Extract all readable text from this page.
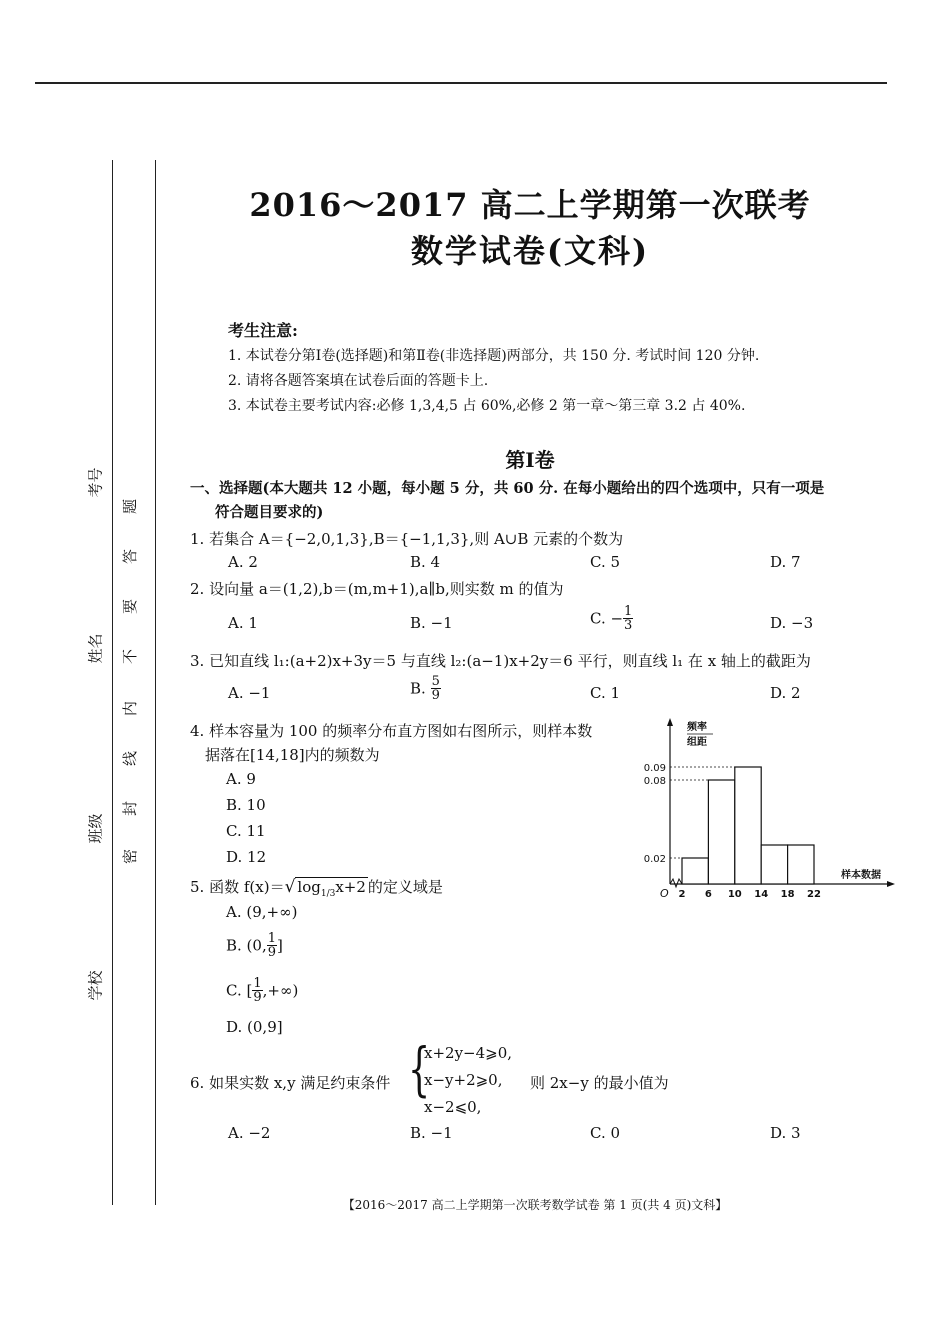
考号
姓名
班级
学校
题
答
要
不
内
线
封
密
2016～2017 高二上学期第一次联考
数学试卷(文科)
考生注意:
1. 本试卷分第Ⅰ卷(选择题)和第Ⅱ卷(非选择题)两部分，共 150 分. 考试时间 120 分钟.
2. 请将各题答案填在试卷后面的答题卡上.
3. 本试卷主要考试内容:必修 1,3,4,5 占 60%,必修 2 第一章～第三章 3.2 占 40%.
第Ⅰ卷
一、选择题(本大题共 12 小题，每小题 5 分，共 60 分. 在每小题给出的四个选项中，只有一项是
符合题目要求的)
1. 若集合 A＝{−2,0,1,3},B＝{−1,1,3},则 A∪B 元素的个数为
A. 2	B. 4	C. 5	D. 7
2. 设向量 a＝(1,2),b＝(m,m+1),a∥b,则实数 m 的值为
A. 1	B. −1	C. − $\frac{1}{3}$	D. −3
3. 已知直线 l₁:(a+2)x+3y＝5 与直线 l₂:(a−1)x+2y＝6 平行，则直线 l₁ 在 x 轴上的截距为
A. −1	B. $\frac{5}{9}$	C. 1	D. 2
4. 样本容量为 100 的频率分布直方图如右图所示，则样本数
据落在[14,18]内的频数为
A. 9
B. 10
C. 11
D. 12
0.09
0.08
0.02
2 6 10 14 18 22
O
频率
组距
样本数据
5. 函数 f(x)＝√ $\log_{1/3}x+2$ 的定义域是
A. (9,+∞)
B. (0, $\frac{1}{9}$ ]
C. [ $\frac{1}{9}$ ,+∞)
D. (0,9]
6. 如果实数 x,y 满足约束条件 {
x+2y−4⩾0,
x−y+2⩾0,
x−2⩽0,
则 2x−y 的最小值为
A. −2	B. −1	C. 0	D. 3
【2016～2017 高二上学期第一次联考数学试卷 第 1 页(共 4 页)文科】
